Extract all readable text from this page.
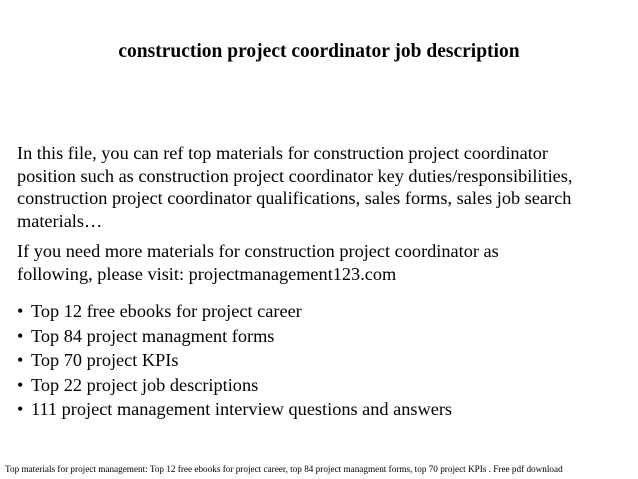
construction project coordinator job description
In this file, you can ref top materials for construction project coordinator
position such as construction project coordinator key duties/responsibilities,
construction project coordinator qualifications, sales forms, sales job search
materials…
If you need more materials for construction project coordinator as
following, please visit: projectmanagement123.com
• Top 12 free ebooks for project career
• Top 84 project managment forms
• Top 70 project KPIs
• Top 22 project job descriptions
• 111 project management interview questions and answers
Top materials for project management: Top 12 free ebooks for project career, top 84 project managment forms, top 70 project KPIs . Free pdf download
